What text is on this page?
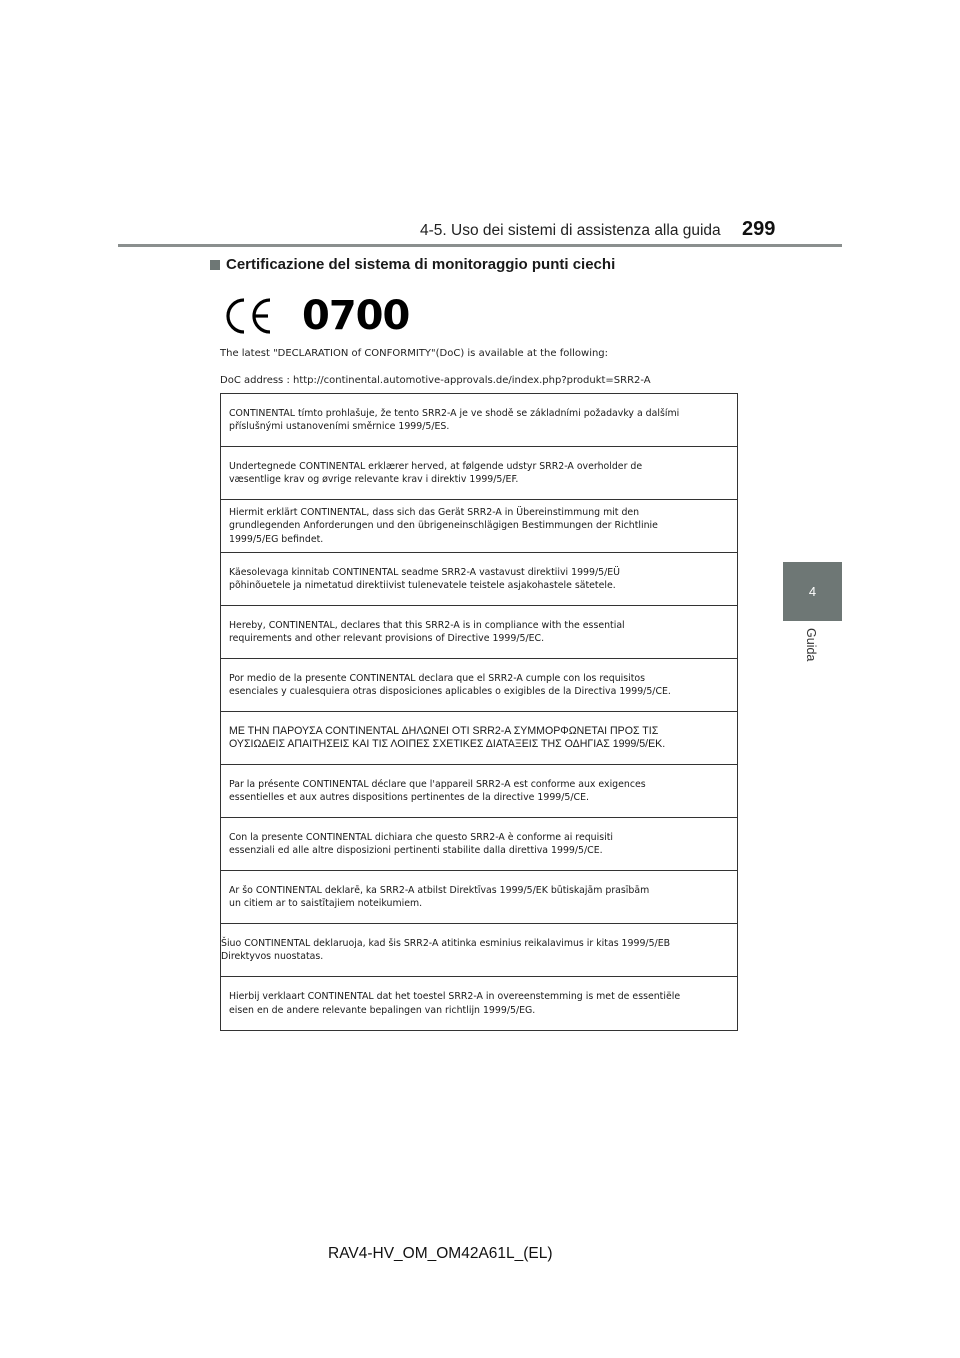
4-5. Uso dei sistemi di assistenza alla guida 299
4
Guida
Certificazione del sistema di monitoraggio punti ciechi
0700
The latest "DECLARATION of CONFORMITY"(DoC) is available at the following:
DoC address : http://continental.automotive-approvals.de/index.php?produkt=SRR2-A
CONTINENTAL tímto prohlašuje, že tento SRR2-A je ve shodě se základními požadavky a dalšími
příslušnými ustanoveními směrnice 1999/5/ES.
Undertegnede CONTINENTAL erklærer herved, at følgende udstyr SRR2-A overholder de
væsentlige krav og øvrige relevante krav i direktiv 1999/5/EF.
Hiermit erklärt CONTINENTAL, dass sich das Gerät SRR2-A in Übereinstimmung mit den
grundlegenden Anforderungen und den übrigeneinschlägigen Bestimmungen der Richtlinie
1999/5/EG befindet.
Käesolevaga kinnitab CONTINENTAL seadme SRR2-A vastavust direktiivi 1999/5/EÜ
põhinõuetele ja nimetatud direktiivist tulenevatele teistele asjakohastele sätetele.
Hereby, CONTINENTAL, declares that this SRR2-A is in compliance with the essential
requirements and other relevant provisions of Directive 1999/5/EC.
Por medio de la presente CONTINENTAL declara que el SRR2-A cumple con los requisitos
esenciales y cualesquiera otras disposiciones aplicables o exigibles de la Directiva 1999/5/CE.
ΜΕ ΤΗΝ ΠΑΡΟΥΣΑ CONTINENTAL ΔΗΛΩΝΕΙ ΟΤΙ SRR2-A ΣΥΜΜΟΡΦΩΝΕΤΑΙ ΠΡΟΣ ΤΙΣ
ΟΥΣΙΩΔΕΙΣ ΑΠΑΙΤΗΣΕΙΣ ΚΑΙ ΤΙΣ ΛΟΙΠΕΣ ΣΧΕΤΙΚΕΣ ΔΙΑΤΑΞΕΙΣ ΤΗΣ ΟΔΗΓΙΑΣ 1999/5/ΕΚ.
Par la présente CONTINENTAL déclare que l'appareil SRR2-A est conforme aux exigences
essentielles et aux autres dispositions pertinentes de la directive 1999/5/CE.
Con la presente CONTINENTAL dichiara che questo SRR2-A è conforme ai requisiti
essenziali ed alle altre disposizioni pertinenti stabilite dalla direttiva 1999/5/CE.
Ar šo CONTINENTAL deklarē, ka SRR2-A atbilst Direktīvas 1999/5/EK būtiskajām prasībām
un citiem ar to saistītajiem noteikumiem.
Šiuo CONTINENTAL deklaruoja, kad šis SRR2-A atitinka esminius reikalavimus ir kitas 1999/5/EB
Direktyvos nuostatas.
Hierbij verklaart CONTINENTAL dat het toestel SRR2-A in overeenstemming is met de essentiële
eisen en de andere relevante bepalingen van richtlijn 1999/5/EG.
RAV4-HV_OM_OM42A61L_(EL)
